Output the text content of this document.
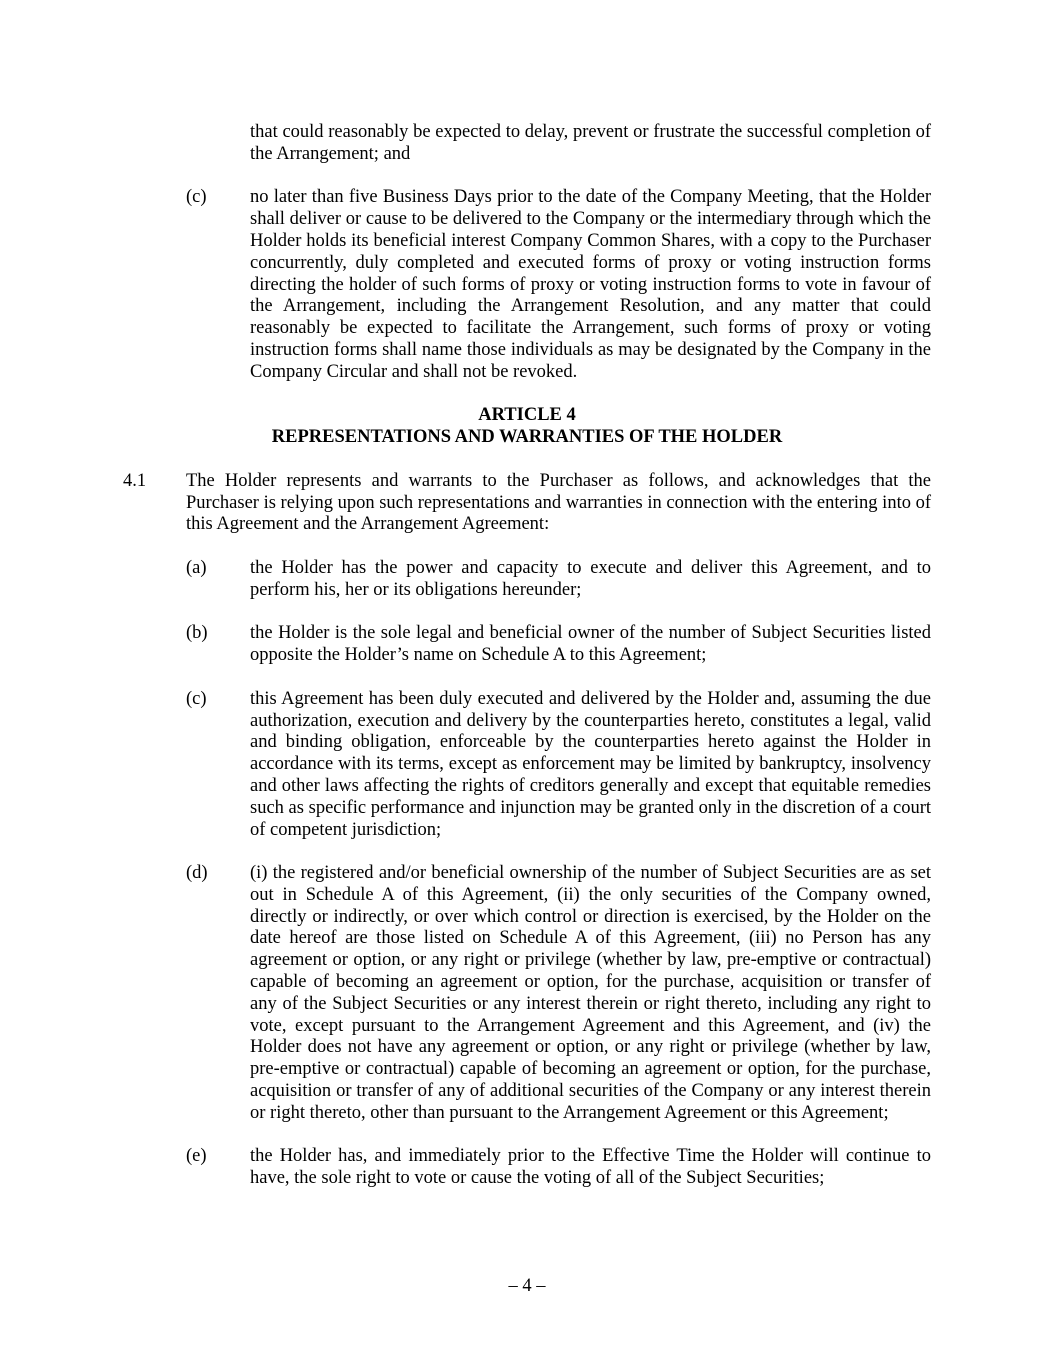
that could reasonably be expected to delay, prevent or frustrate the successful completion of the Arrangement; and

(c)	no later than five Business Days prior to the date of the Company Meeting, that the Holder shall deliver or cause to be delivered to the Company or the intermediary through which the Holder holds its beneficial interest Company Common Shares, with a copy to the Purchaser concurrently, duly completed and executed forms of proxy or voting instruction forms directing the holder of such forms of proxy or voting instruction forms to vote in favour of the Arrangement, including the Arrangement Resolution, and any matter that could reasonably be expected to facilitate the Arrangement, such forms of proxy or voting instruction forms shall name those individuals as may be designated by the Company in the Company Circular and shall not be revoked.
ARTICLE 4
REPRESENTATIONS AND WARRANTIES OF THE HOLDER
4.1	The Holder represents and warrants to the Purchaser as follows, and acknowledges that the Purchaser is relying upon such representations and warranties in connection with the entering into of this Agreement and the Arrangement Agreement:
(a)	the Holder has the power and capacity to execute and deliver this Agreement, and to perform his, her or its obligations hereunder;
(b)	the Holder is the sole legal and beneficial owner of the number of Subject Securities listed opposite the Holder’s name on Schedule A to this Agreement;
(c)	this Agreement has been duly executed and delivered by the Holder and, assuming the due authorization, execution and delivery by the counterparties hereto, constitutes a legal, valid and binding obligation, enforceable by the counterparties hereto against the Holder in accordance with its terms, except as enforcement may be limited by bankruptcy, insolvency and other laws affecting the rights of creditors generally and except that equitable remedies such as specific performance and injunction may be granted only in the discretion of a court of competent jurisdiction;
(d)	(i) the registered and/or beneficial ownership of the number of Subject Securities are as set out in Schedule A of this Agreement, (ii) the only securities of the Company owned, directly or indirectly, or over which control or direction is exercised, by the Holder on the date hereof are those listed on Schedule A of this Agreement, (iii) no Person has any agreement or option, or any right or privilege (whether by law, pre-emptive or contractual) capable of becoming an agreement or option, for the purchase, acquisition or transfer of any of the Subject Securities or any interest therein or right thereto, including any right to vote, except pursuant to the Arrangement Agreement and this Agreement, and (iv) the Holder does not have any agreement or option, or any right or privilege (whether by law, pre-emptive or contractual) capable of becoming an agreement or option, for the purchase, acquisition or transfer of any of additional securities of the Company or any interest therein or right thereto, other than pursuant to the Arrangement Agreement or this Agreement;
(e)	the Holder has, and immediately prior to the Effective Time the Holder will continue to have, the sole right to vote or cause the voting of all of the Subject Securities;
– 4 –
